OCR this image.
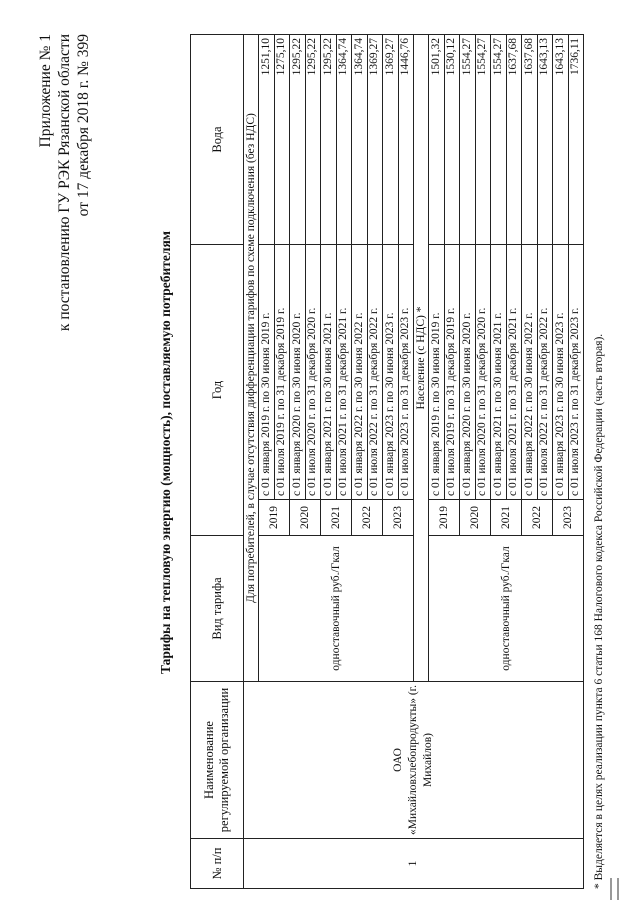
Приложение № 1 к постановлению ГУ РЭК Рязанской области от 17 декабря 2018 г. № 399
Тарифы на тепловую энергию (мощность), поставляемую потребителям
№ п/п	Наименование регулируемой организации	Вид тарифа	Год		Вода
1	ОАО «Михайловхлебопродукты» (г. Михайлов)	Для потребителей, в случае отсутствия дифференциации тарифов по схеме подключения (без НДС)			
		одноставочный руб./Гкал	2019	с 01 января 2019 г. по 30 июня 2019 г.	1251,10
				с 01 июля 2019 г. по 31 декабря 2019 г.	1275,10
			2020	с 01 января 2020 г. по 30 июня 2020 г.	1295,22
				с 01 июля 2020 г. по 31 декабря 2020 г.	1295,22
			2021	с 01 января 2021 г. по 30 июня 2021 г.	1295,22
				с 01 июля 2021 г. по 31 декабря 2021 г.	1364,74
			2022	с 01 января 2022 г. по 30 июня 2022 г.	1364,74
				с 01 июля 2022 г. по 31 декабря 2022 г.	1369,27
			2023	с 01 января 2023 г. по 30 июня 2023 г.	1369,27
				с 01 июля 2023 г. по 31 декабря 2023 г.	1446,76
		Население (с НДС) *			
		одноставочный руб./Гкал	2019	с 01 января 2019 г. по 30 июня 2019 г.	1501,32
				с 01 июля 2019 г. по 31 декабря 2019 г.	1530,12
			2020	с 01 января 2020 г. по 30 июня 2020 г.	1554,27
				с 01 июля 2020 г. по 31 декабря 2020 г.	1554,27
			2021	с 01 января 2021 г. по 30 июня 2021 г.	1554,27
				с 01 июля 2021 г. по 31 декабря 2021 г.	1637,68
			2022	с 01 января 2022 г. по 30 июня 2022 г.	1637,68
				с 01 июля 2022 г. по 31 декабря 2022 г.	1643,13
			2023	с 01 января 2023 г. по 30 июня 2023 г.	1643,13
				с 01 июля 2023 г. по 31 декабря 2023 г.	1736,11
* Выделяется в целях реализации пункта 6 статьи 168 Налогового кодекса Российской Федерации (часть вторая).
